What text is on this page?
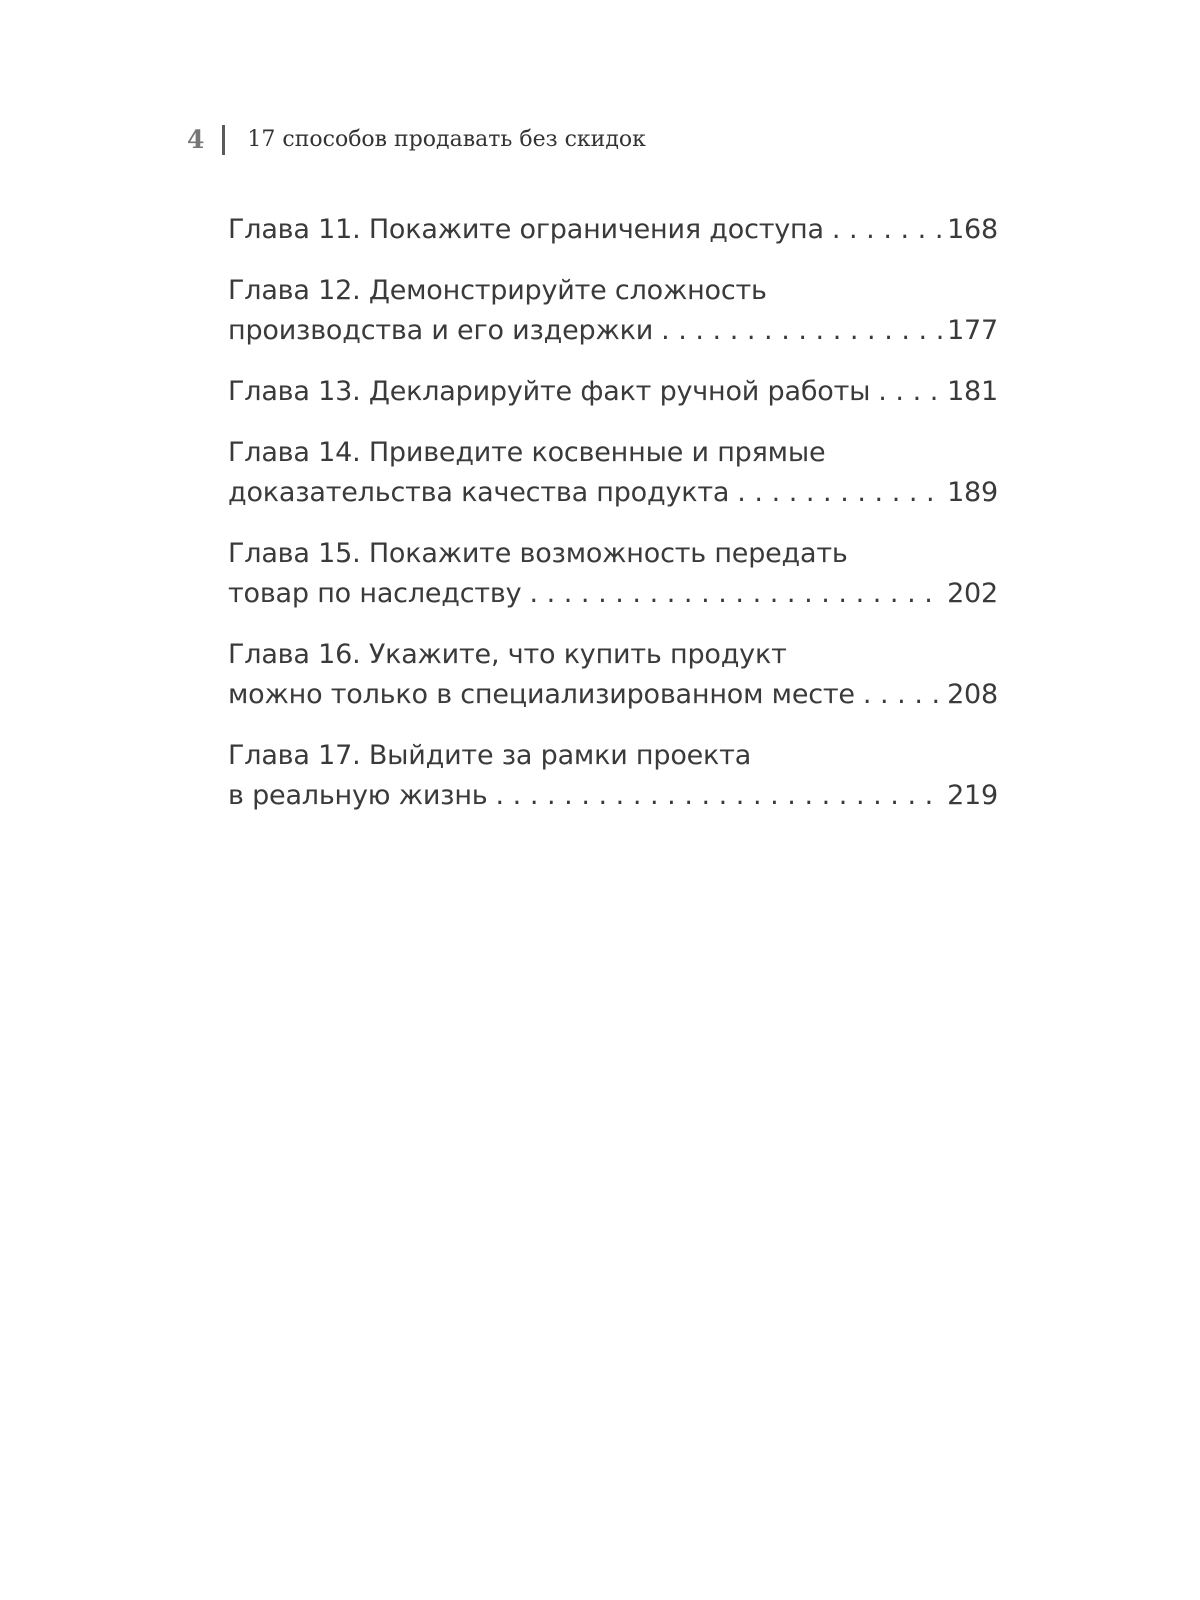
4 17 способов продавать без скидок
Глава 11. Покажите ограничения доступа . . .	168
Глава 12. Демонстрируйте сложность
производства и его издержки . . .	177
Глава 13. Декларируйте факт ручной работы . . .	181
Глава 14. Приведите косвенные и прямые
доказательства качества продукта . . .	189
Глава 15. Покажите возможность передать
товар по наследству . . .	202
Глава 16. Укажите, что купить продукт
можно только в специализированном месте . . .	208
Глава 17. Выйдите за рамки проекта
в реальную жизнь . . .	219
